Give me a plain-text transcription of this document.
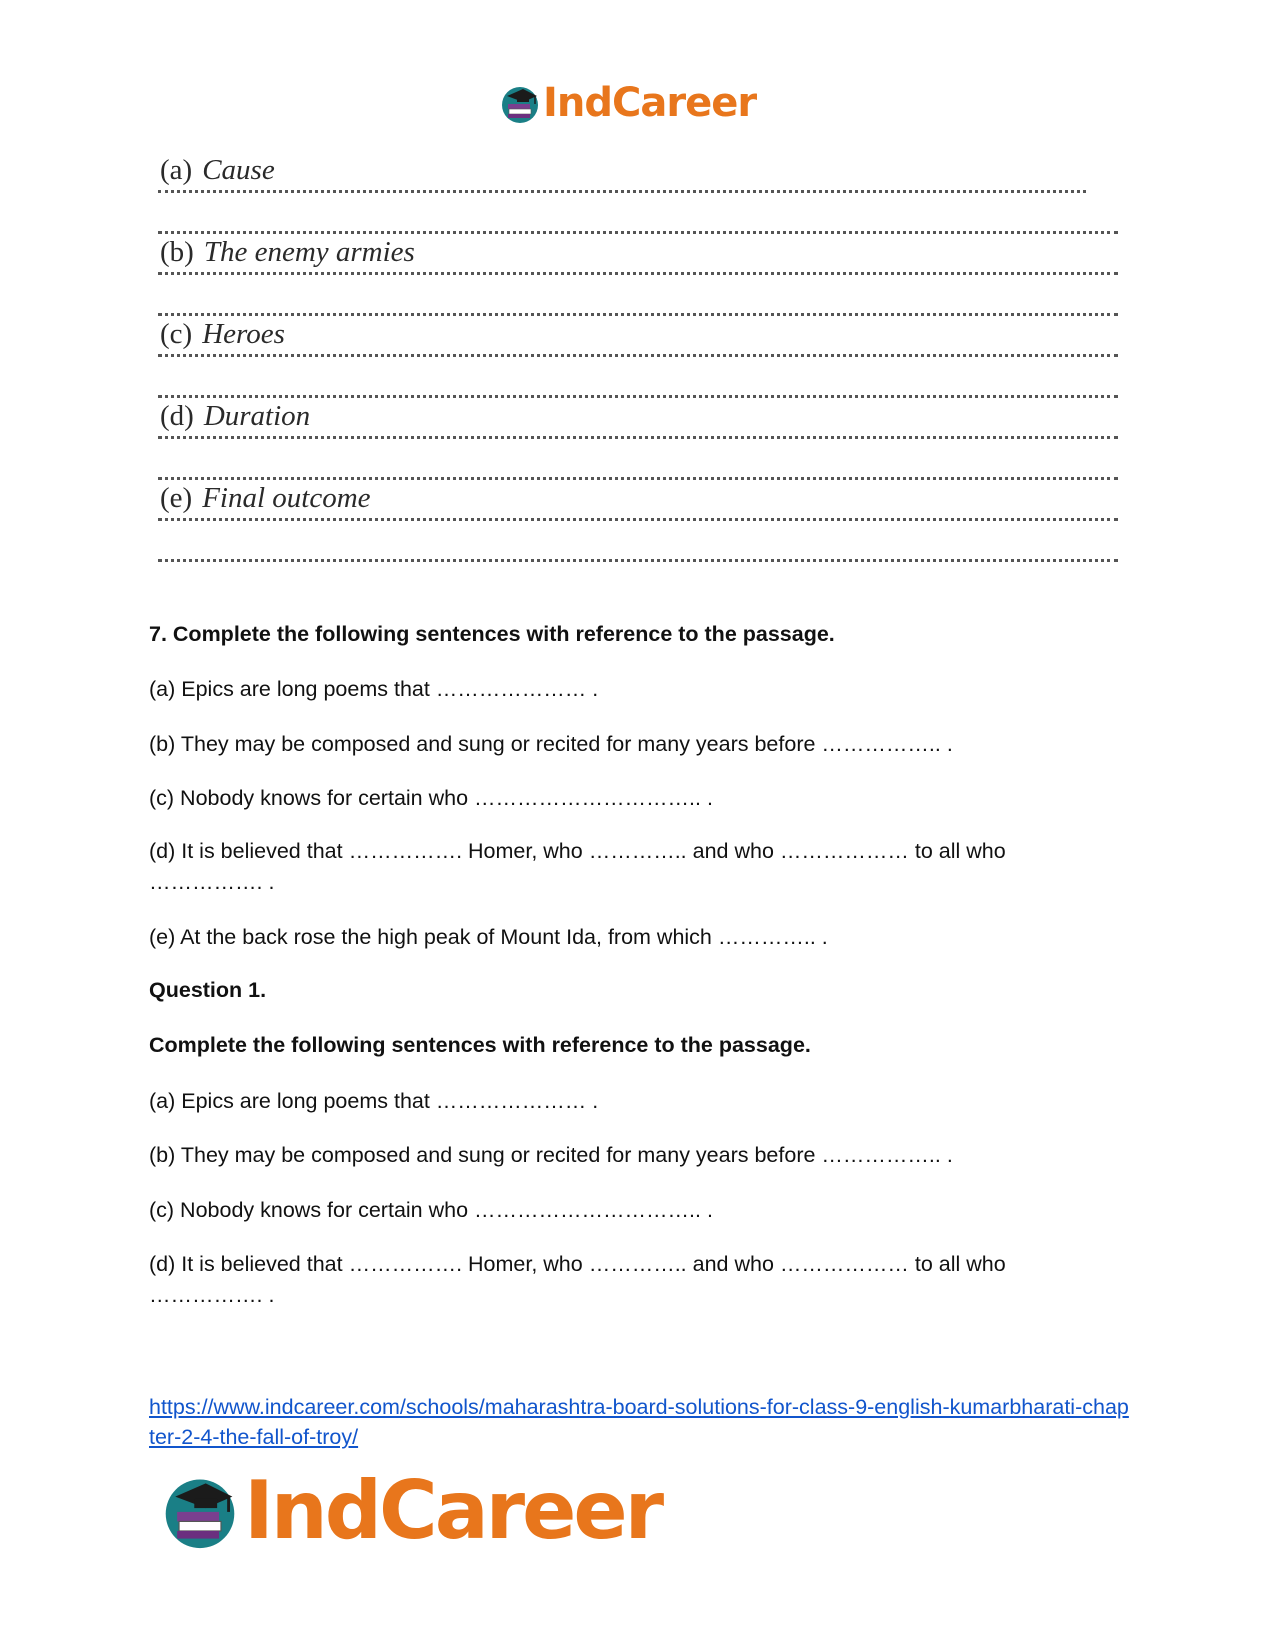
IndCareer
(a) Cause
(b) The enemy armies
(c) Heroes
(d) Duration
(e) Final outcome
7. Complete the following sentences with reference to the passage.
(a) Epics are long poems that ………………… .
(b) They may be composed and sung or recited for many years before …………….. .
(c) Nobody knows for certain who ………………………….. .
(d) It is believed that ……………. Homer, who ………….. and who ……………… to all who ……………. .
(e) At the back rose the high peak of Mount Ida, from which ………….. .
Question 1.
Complete the following sentences with reference to the passage.
(a) Epics are long poems that ………………… .
(b) They may be composed and sung or recited for many years before …………….. .
(c) Nobody knows for certain who ………………………….. .
(d) It is believed that ……………. Homer, who ………….. and who ……………… to all who ……………. .
https://www.indcareer.com/schools/maharashtra-board-solutions-for-class-9-english-kumarbharati-chapter-2-4-the-fall-of-troy/
IndCareer
